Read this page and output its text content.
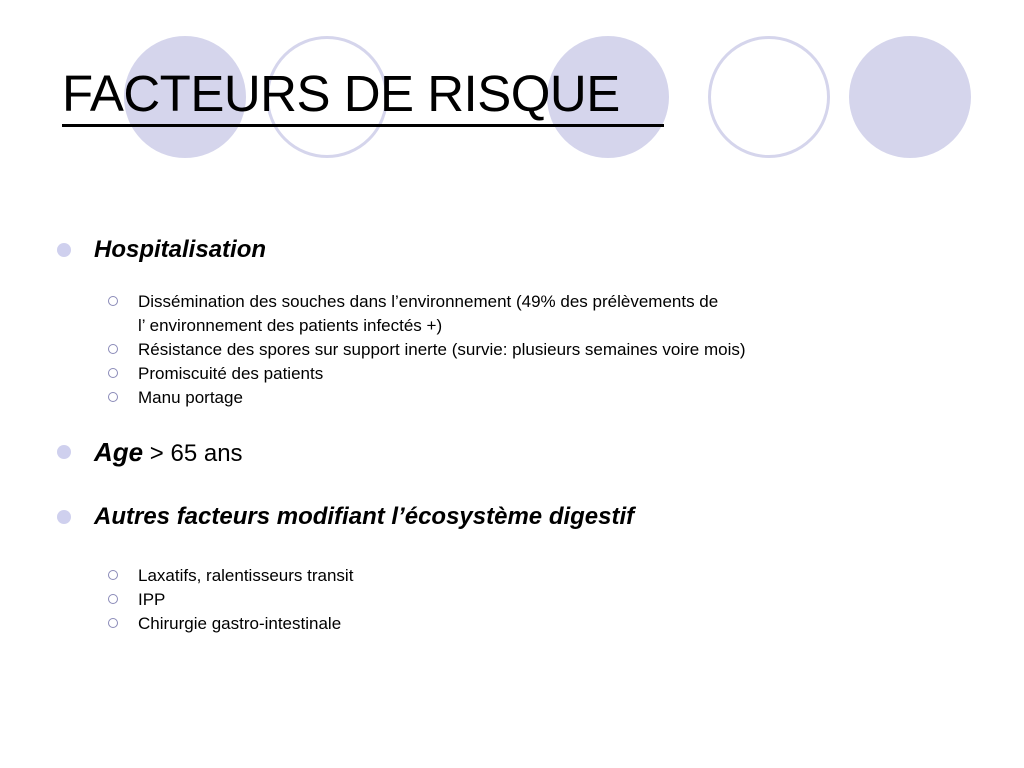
FACTEURS DE RISQUE
Hospitalisation
Dissémination des souches dans l’environnement (49% des prélèvements de
l’ environnement des patients infectés +)
Résistance des spores sur support inerte (survie: plusieurs semaines voire mois)
Promiscuité des patients
Manu portage
Age > 65 ans
Autres facteurs modifiant l’écosystème digestif
Laxatifs, ralentisseurs transit
IPP
Chirurgie gastro-intestinale
